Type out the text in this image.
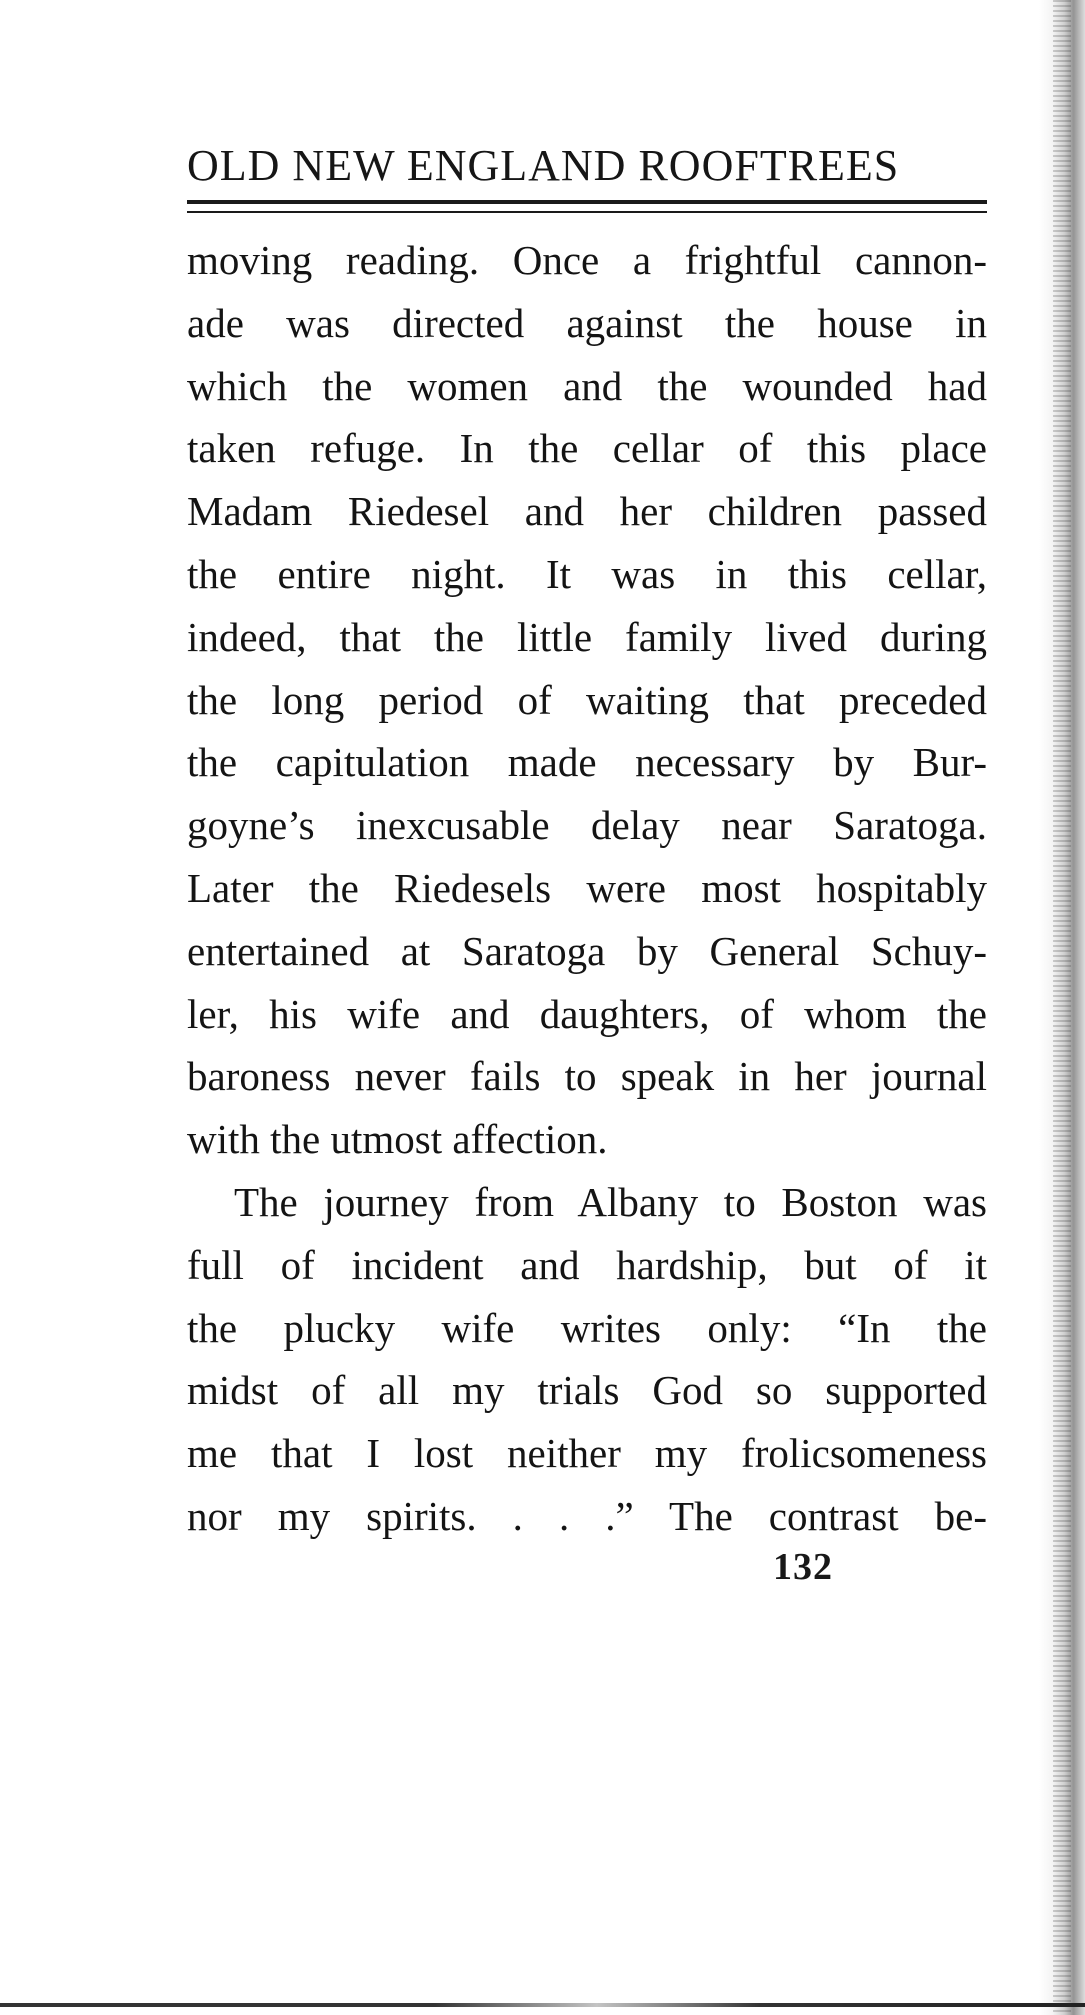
OLD NEW ENGLAND ROOFTREES
moving reading. Once a frightful cannon-
ade was directed against the house in
which the women and the wounded had
taken refuge. In the cellar of this place
Madam Riedesel and her children passed
the entire night. It was in this cellar,
indeed, that the little family lived during
the long period of waiting that preceded
the capitulation made necessary by Bur-
goyne’s inexcusable delay near Saratoga.
Later the Riedesels were most hospitably
entertained at Saratoga by General Schuy-
ler, his wife and daughters, of whom the
baroness never fails to speak in her journal
with the utmost affection.
The journey from Albany to Boston was
full of incident and hardship, but of it
the plucky wife writes only: “In the
midst of all my trials God so supported
me that I lost neither my frolicsomeness
nor my spirits. . . .” The contrast be-
132
